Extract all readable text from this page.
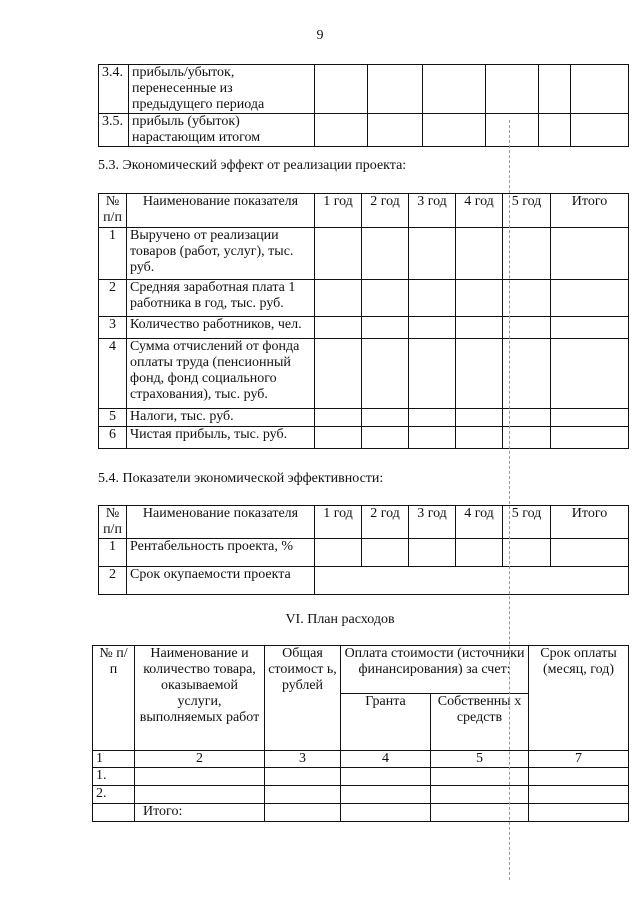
9
3.4.	прибыль/убыток, перенесенные из предыдущего периода						
3.5.	прибыль (убыток) нарастающим итогом						
5.3. Экономический эффект от реализации проекта:
№ п/п	Наименование показателя	1 год	2 год	3 год	4 год	5 год	Итого
1	Выручено от реализации товаров (работ, услуг), тыс. руб.						
2	Средняя заработная плата 1 работника в год, тыс. руб.						
3	Количество работников, чел.						
4	Сумма отчислений от фонда оплаты труда (пенсионный фонд, фонд социального страхования), тыс. руб.						
5	Налоги, тыс. руб.						
6	Чистая прибыль, тыс. руб.						
5.4. Показатели экономической эффективности:
№ п/п	Наименование показателя	1 год	2 год	3 год	4 год	5 год	Итого
1	Рентабельность проекта, %						
2	Срок окупаемости проекта						
VI. План расходов
№ п/п	Наименование и количество товара, оказываемой услуги, выполняемых работ	Общая стоимост ь, рублей	Оплата стоимости (источники финансирования) за счет:		Срок оплаты (месяц, год)
			Гранта	Собственны х средств	
1	2	3	4	5	7
1.					
2.					
	Итого:				
